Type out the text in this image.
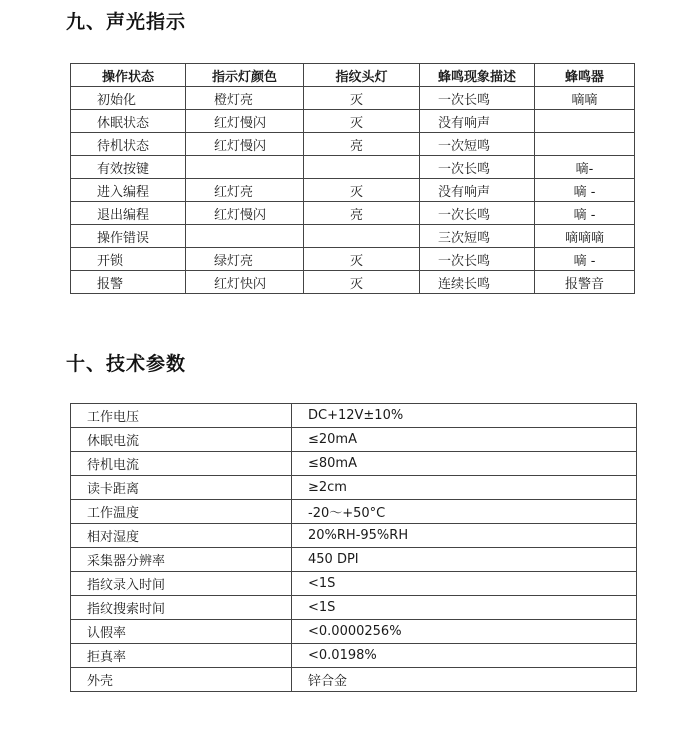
九、声光指示
操作状态	指示灯颜色	指纹头灯	蜂鸣现象描述	蜂鸣器
初始化	橙灯亮	灭	一次长鸣	嘀嘀
休眠状态	红灯慢闪	灭	没有响声	
待机状态	红灯慢闪	亮	一次短鸣	
有效按键			一次长鸣	嘀-
进入编程	红灯亮	灭	没有响声	嘀 -
退出编程	红灯慢闪	亮	一次长鸣	嘀 -
操作错误			三次短鸣	嘀嘀嘀
开锁	绿灯亮	灭	一次长鸣	嘀 -
报警	红灯快闪	灭	连续长鸣	报警音
十、技术参数
工作电压	DC+12V±10%
休眠电流	≤20mA
待机电流	≤80mA
读卡距离	≥2cm
工作温度	-20～+50°C
相对湿度	20%RH-95%RH
采集器分辨率	450 DPI
指纹录入时间	<1S
指纹搜索时间	<1S
认假率	<0.0000256%
拒真率	<0.0198%
外壳	锌合金
